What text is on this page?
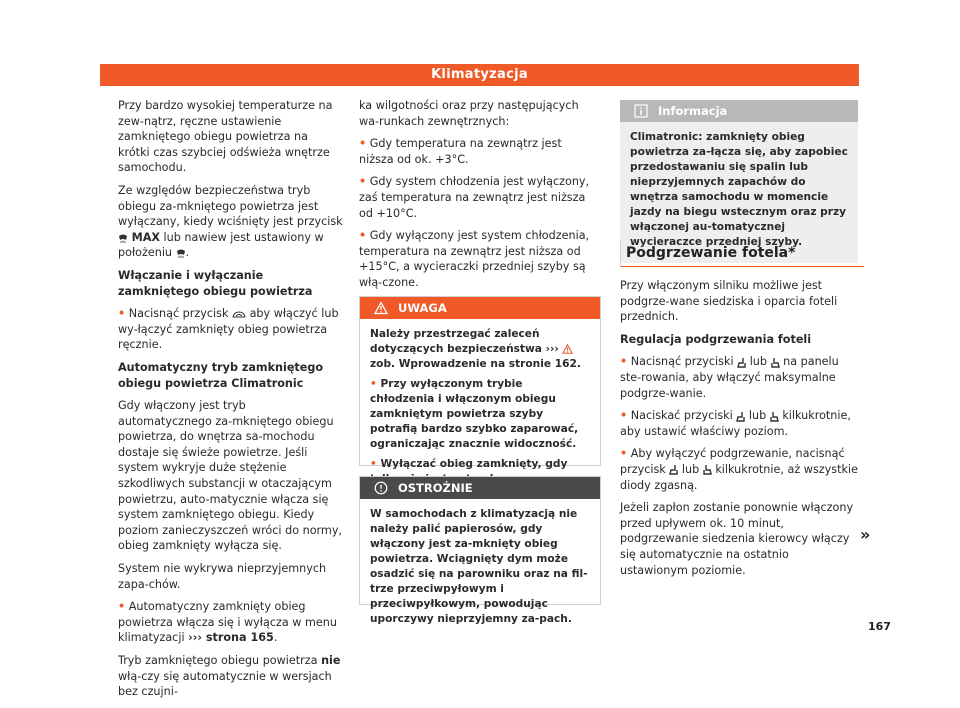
Klimatyzacja

Przy bardzo wysokiej temperaturze na zew-nątrz, ręczne ustawienie zamkniętego obiegu powietrza na krótki czas szybciej odświeża wnętrze samochodu.

Ze względów bezpieczeństwa tryb obiegu za-mkniętego powietrza jest wyłączany, kiedy wciśnięty jest przycisk  MAX lub nawiew jest ustawiony w położeniu .

Włączanie i wyłączanie zamkniętego obiegu powietrza

• Nacisnąć przycisk aby włączyć lub wy-łączyć zamknięty obieg powietrza ręcznie.

Automatyczny tryb zamkniętego obiegu powietrza Climatronic

Gdy włączony jest tryb automatycznego za-mkniętego obiegu powietrza, do wnętrza sa-mochodu dostaje się świeże powietrze. Jeśli system wykryje duże stężenie szkodliwych substancji w otaczającym powietrzu, auto-matycznie włącza się system zamkniętego obiegu. Kiedy poziom zanieczyszczeń wróci do normy, obieg zamknięty wyłącza się.

System nie wykrywa nieprzyjemnych zapa-chów.

• Automatyczny zamknięty obieg powietrza włącza się i wyłącza w menu klimatyzacji ››› strona 165.

Tryb zamkniętego obiegu powietrza nie włą-czy się automatycznie w wersjach bez czujni-

ka wilgotności oraz przy następujących wa-runkach zewnętrznych:

• Gdy temperatura na zewnątrz jest niższa od ok. +3°C.

• Gdy system chłodzenia jest wyłączony, zaś temperatura na zewnątrz jest niższa od +10°C.

• Gdy wyłączony jest system chłodzenia, temperatura na zewnątrz jest niższa od +15°C, a wycieraczki przedniej szyby są włą-czone.

UWAGA

Należy przestrzegać zaleceń dotyczących bezpieczeństwa ›››  zob. Wprowadzenie na stronie 162.

• Przy wyłączonym trybie chłodzenia i włączonym obiegu zamkniętym powietrza szyby potrafią bardzo szybko zaparować, ograniczając znacznie widoczność.

• Wyłączać obieg zamknięty, gdy

OSTROŻNIE

W samochodach z klimatyzacją nie należy palić papierosów, gdy włączony jest za-mknięty obieg powietrza. Wciągnięty dym może osadzić się na parowniku oraz na fil-trze przeciwpyłowym i przeciwpyłkowym, powodując uporczywy nieprzyjemny za-pach.

Informacja

Climatronic: zamknięty obieg powietrza za-łącza się, aby zapobiec przedostawaniu się spalin lub nieprzyjemnych zapachów do wnętrza samochodu w momencie jazdy na biegu wstecznym oraz przy włączonej au-tomatycznej wycieraczce przedniej szyby.

Podgrzewanie fotela*

Przy włączonym silniku możliwe jest podgrze-wane siedziska i oparcia foteli przednich.

Regulacja podgrzewania foteli

• Nacisnąć przyciski lub na panelu ste-rowania, aby włączyć maksymalne podgrze-wanie.

• Naciskać przyciski lub kilkukrotnie, aby ustawić właściwy poziom.

• Aby wyłączyć podgrzewanie, nacisnąć przycisk lub kilkukrotnie, aż wszystkie diody zgasną.

Jeżeli zapłon zostanie ponownie włączony przed upływem ok. 10 minut, podgrzewanie siedzenia kierowcy włączy się automatycznie na ostatnio ustawionym poziomie.

»
167
